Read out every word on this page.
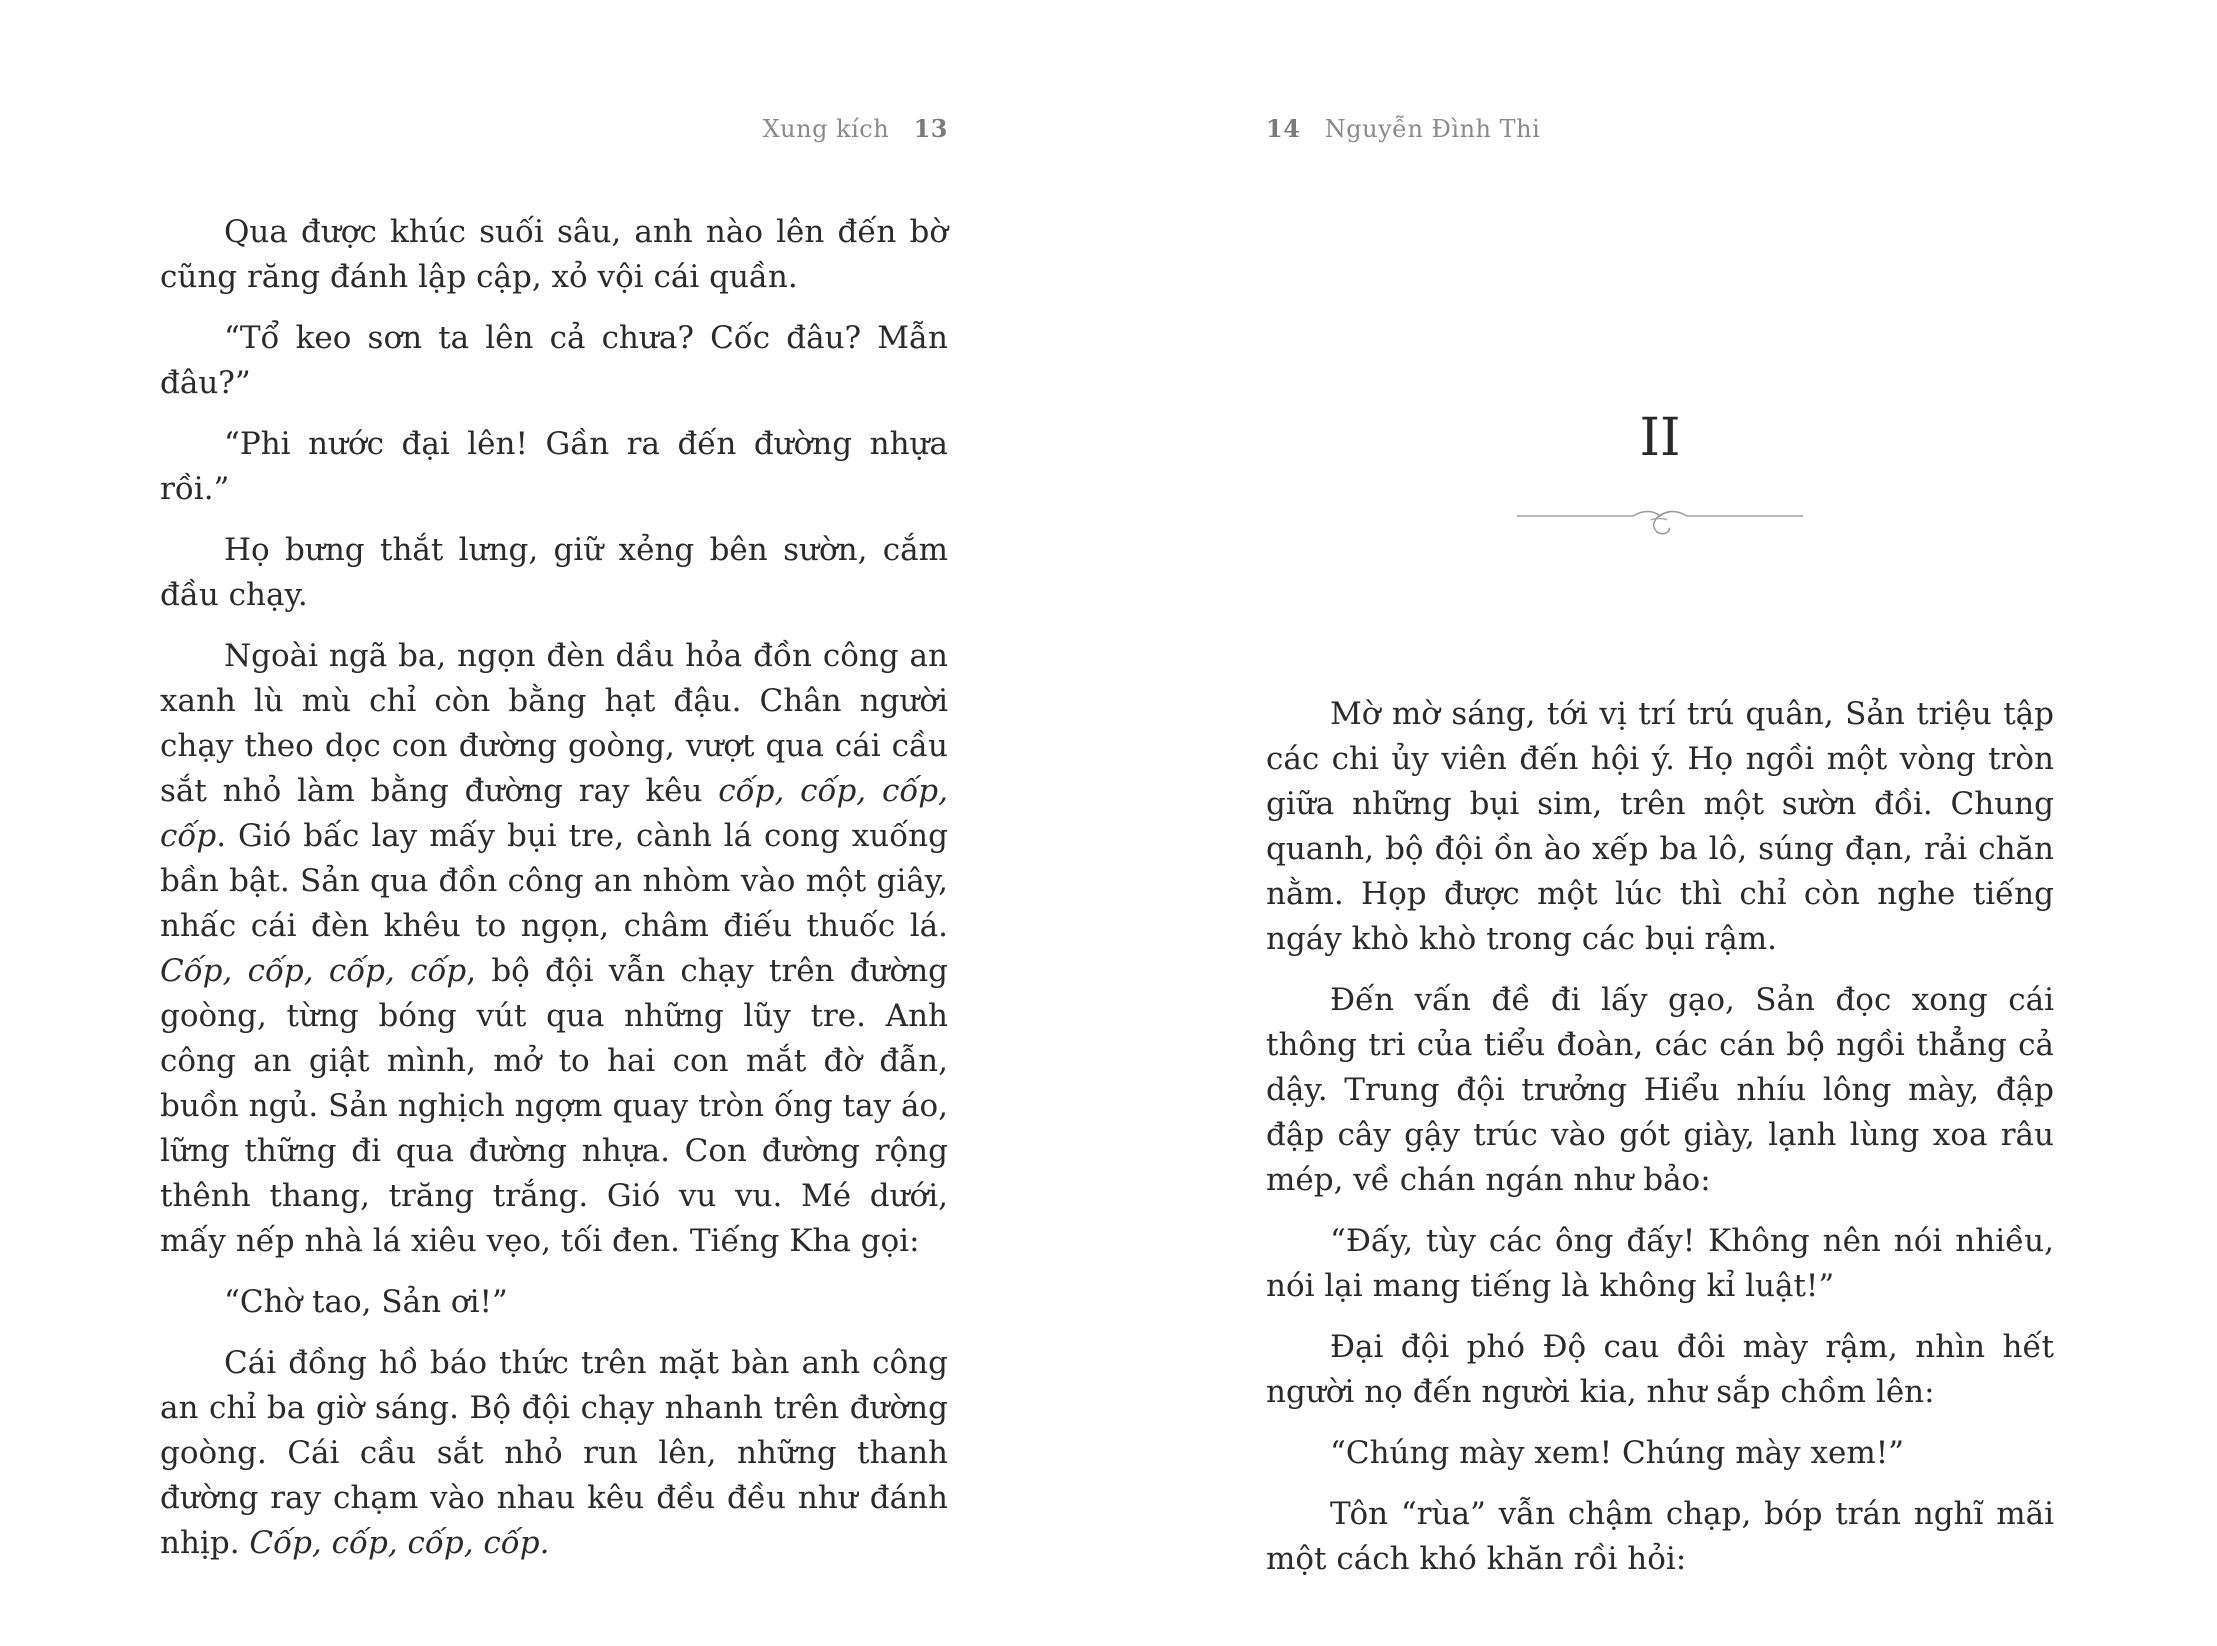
Xung kích 13

Qua được khúc suối sâu, anh nào lên đến bờ cũng răng đánh lập cập, xỏ vội cái quần.

“Tổ keo sơn ta lên cả chưa? Cốc đâu? Mẫn đâu?”

“Phi nước đại lên! Gần ra đến đường nhựa rồi.”

Họ bưng thắt lưng, giữ xẻng bên sườn, cắm đầu chạy.

Ngoài ngã ba, ngọn đèn dầu hỏa đồn công an xanh lù mù chỉ còn bằng hạt đậu. Chân người chạy theo dọc con đường goòng, vượt qua cái cầu sắt nhỏ làm bằng đường ray kêu cốp, cốp, cốp, cốp. Gió bấc lay mấy bụi tre, cành lá cong xuống bần bật. Sản qua đồn công an nhòm vào một giây, nhấc cái đèn khêu to ngọn, châm điếu thuốc lá. Cốp, cốp, cốp, cốp, bộ đội vẫn chạy trên đường goòng, từng bóng vút qua những lũy tre. Anh công an giật mình, mở to hai con mắt đờ đẫn, buồn ngủ. Sản nghịch ngợm quay tròn ống tay áo, lững thững đi qua đường nhựa. Con đường rộng thênh thang, trăng trắng. Gió vu vu. Mé dưới, mấy nếp nhà lá xiêu vẹo, tối đen. Tiếng Kha gọi:

“Chờ tao, Sản ơi!”

Cái đồng hồ báo thức trên mặt bàn anh công an chỉ ba giờ sáng. Bộ đội chạy nhanh trên đường goòng. Cái cầu sắt nhỏ run lên, những thanh đường ray chạm vào nhau kêu đều đều như đánh nhịp. Cốp, cốp, cốp, cốp.

14 Nguyễn Đình Thi

Mờ mờ sáng, tới vị trí trú quân, Sản triệu tập các chi ủy viên đến hội ý. Họ ngồi một vòng tròn giữa những bụi sim, trên một sườn đồi. Chung quanh, bộ đội ồn ào xếp ba lô, súng đạn, rải chăn nằm. Họp được một lúc thì chỉ còn nghe tiếng ngáy khò khò trong các bụi rậm.

Đến vấn đề đi lấy gạo, Sản đọc xong cái thông tri của tiểu đoàn, các cán bộ ngồi thẳng cả dậy. Trung đội trưởng Hiểu nhíu lông mày, đập đập cây gậy trúc vào gót giày, lạnh lùng xoa râu mép, về chán ngán như bảo:

“Đấy, tùy các ông đấy! Không nên nói nhiều, nói lại mang tiếng là không kỉ luật!”

Đại đội phó Độ cau đôi mày rậm, nhìn hết người nọ đến người kia, như sắp chồm lên:

“Chúng mày xem! Chúng mày xem!”

Tôn “rùa” vẫn chậm chạp, bóp trán nghĩ mãi một cách khó khăn rồi hỏi:

II
